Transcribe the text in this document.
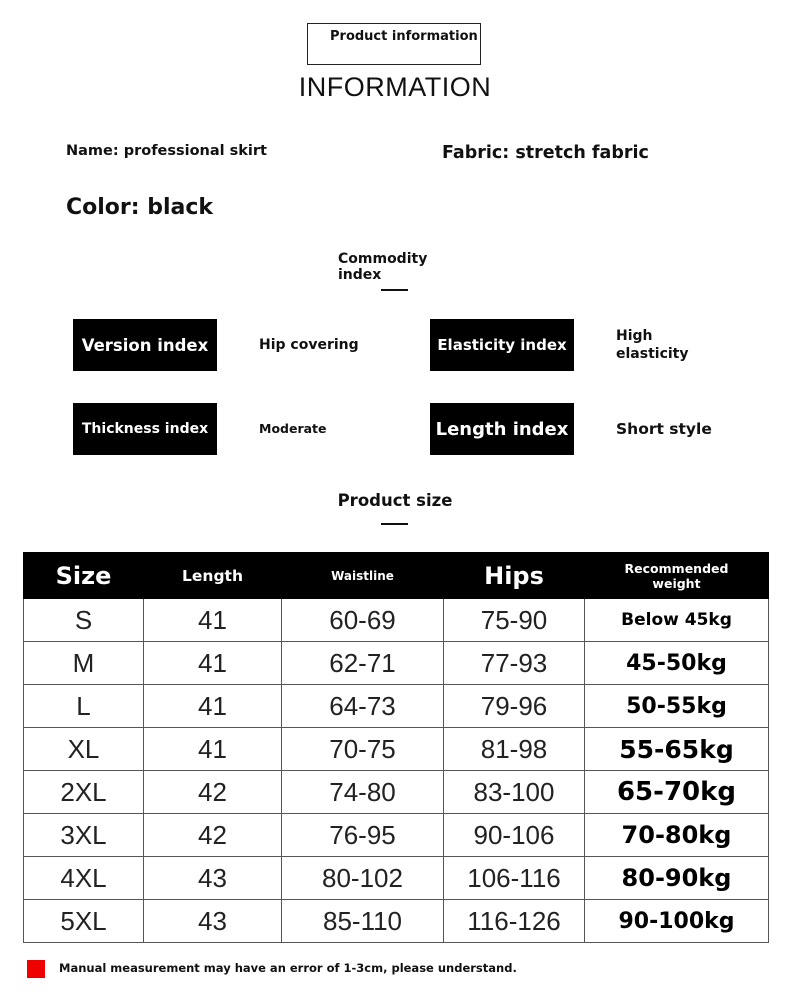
Product information
INFORMATION
Name: professional skirt	Fabric: stretch fabric
Color: black
Commodity index
Version index	Hip covering	Elasticity index	High elasticity
Thickness index	Moderate	Length index	Short style
Product size
Size	Length	Waistline	Hips	Recommended weight
S	41	60-69	75-90	Below 45kg
M	41	62-71	77-93	45-50kg
L	41	64-73	79-96	50-55kg
XL	41	70-75	81-98	55-65kg
2XL	42	74-80	83-100	65-70kg
3XL	42	76-95	90-106	70-80kg
4XL	43	80-102	106-116	80-90kg
5XL	43	85-110	116-126	90-100kg
Manual measurement may have an error of 1-3cm, please understand.
